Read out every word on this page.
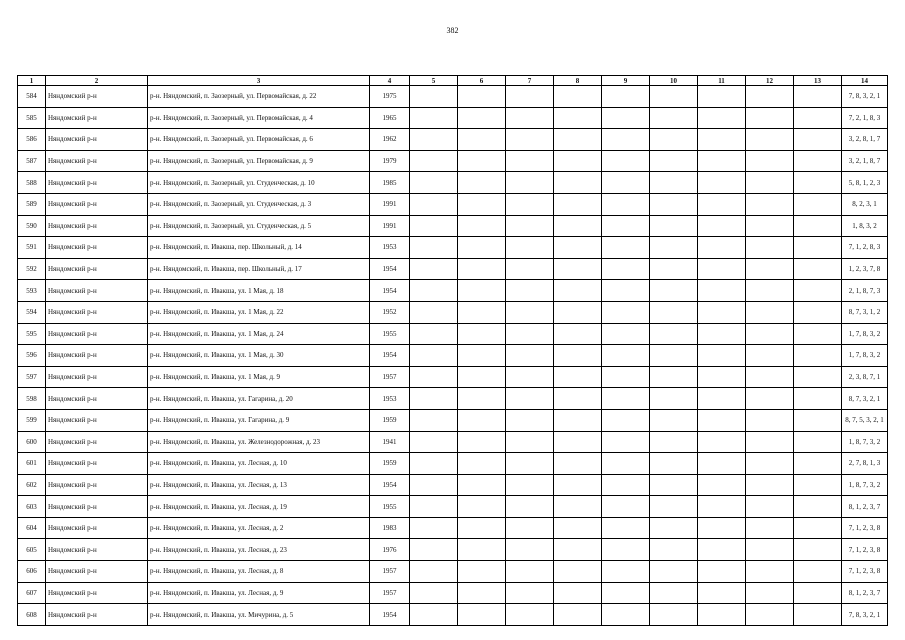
382
1	2	3	4	5	6	7	8	9	10	11	12	13	14
584	Няндомский р-н	р-н. Няндомский, п. Заозерный, ул. Первомайская, д. 22	1975										7, 8, 3, 2, 1
585	Няндомский р-н	р-н. Няндомский, п. Заозерный, ул. Первомайская, д. 4	1965										7, 2, 1, 8, 3
586	Няндомский р-н	р-н. Няндомский, п. Заозерный, ул. Первомайская, д. 6	1962										3, 2, 8, 1, 7
587	Няндомский р-н	р-н. Няндомский, п. Заозерный, ул. Первомайская, д. 9	1979										3, 2, 1, 8, 7
588	Няндомский р-н	р-н. Няндомский, п. Заозерный, ул. Студенческая, д. 10	1985										5, 8, 1, 2, 3
589	Няндомский р-н	р-н. Няндомский, п. Заозерный, ул. Студенческая, д. 3	1991										8, 2, 3, 1
590	Няндомский р-н	р-н. Няндомский, п. Заозерный, ул. Студенческая, д. 5	1991										1, 8, 3, 2
591	Няндомский р-н	р-н. Няндомский, п. Ивакша, пер. Школьный, д. 14	1953										7, 1, 2, 8, 3
592	Няндомский р-н	р-н. Няндомский, п. Ивакша, пер. Школьный, д. 17	1954										1, 2, 3, 7, 8
593	Няндомский р-н	р-н. Няндомский, п. Ивакша, ул. 1 Мая, д. 18	1954										2, 1, 8, 7, 3
594	Няндомский р-н	р-н. Няндомский, п. Ивакша, ул. 1 Мая, д. 22	1952										8, 7, 3, 1, 2
595	Няндомский р-н	р-н. Няндомский, п. Ивакша, ул. 1 Мая, д. 24	1955										1, 7, 8, 3, 2
596	Няндомский р-н	р-н. Няндомский, п. Ивакша, ул. 1 Мая, д. 30	1954										1, 7, 8, 3, 2
597	Няндомский р-н	р-н. Няндомский, п. Ивакша, ул. 1 Мая, д. 9	1957										2, 3, 8, 7, 1
598	Няндомский р-н	р-н. Няндомский, п. Ивакша, ул. Гагарина, д. 20	1953										8, 7, 3, 2, 1
599	Няндомский р-н	р-н. Няндомский, п. Ивакша, ул. Гагарина, д. 9	1959										8, 7, 5, 3, 2, 1
600	Няндомский р-н	р-н. Няндомский, п. Ивакша, ул. Железнодорожная, д. 23	1941										1, 8, 7, 3, 2
601	Няндомский р-н	р-н. Няндомский, п. Ивакша, ул. Лесная, д. 10	1959										2, 7, 8, 1, 3
602	Няндомский р-н	р-н. Няндомский, п. Ивакша, ул. Лесная, д. 13	1954										1, 8, 7, 3, 2
603	Няндомский р-н	р-н. Няндомский, п. Ивакша, ул. Лесная, д. 19	1955										8, 1, 2, 3, 7
604	Няндомский р-н	р-н. Няндомский, п. Ивакша, ул. Лесная, д. 2	1983										7, 1, 2, 3, 8
605	Няндомский р-н	р-н. Няндомский, п. Ивакша, ул. Лесная, д. 23	1976										7, 1, 2, 3, 8
606	Няндомский р-н	р-н. Няндомский, п. Ивакша, ул. Лесная, д. 8	1957										7, 1, 2, 3, 8
607	Няндомский р-н	р-н. Няндомский, п. Ивакша, ул. Лесная, д. 9	1957										8, 1, 2, 3, 7
608	Няндомский р-н	р-н. Няндомский, п. Ивакша, ул. Мичурина, д. 5	1954										7, 8, 3, 2, 1
